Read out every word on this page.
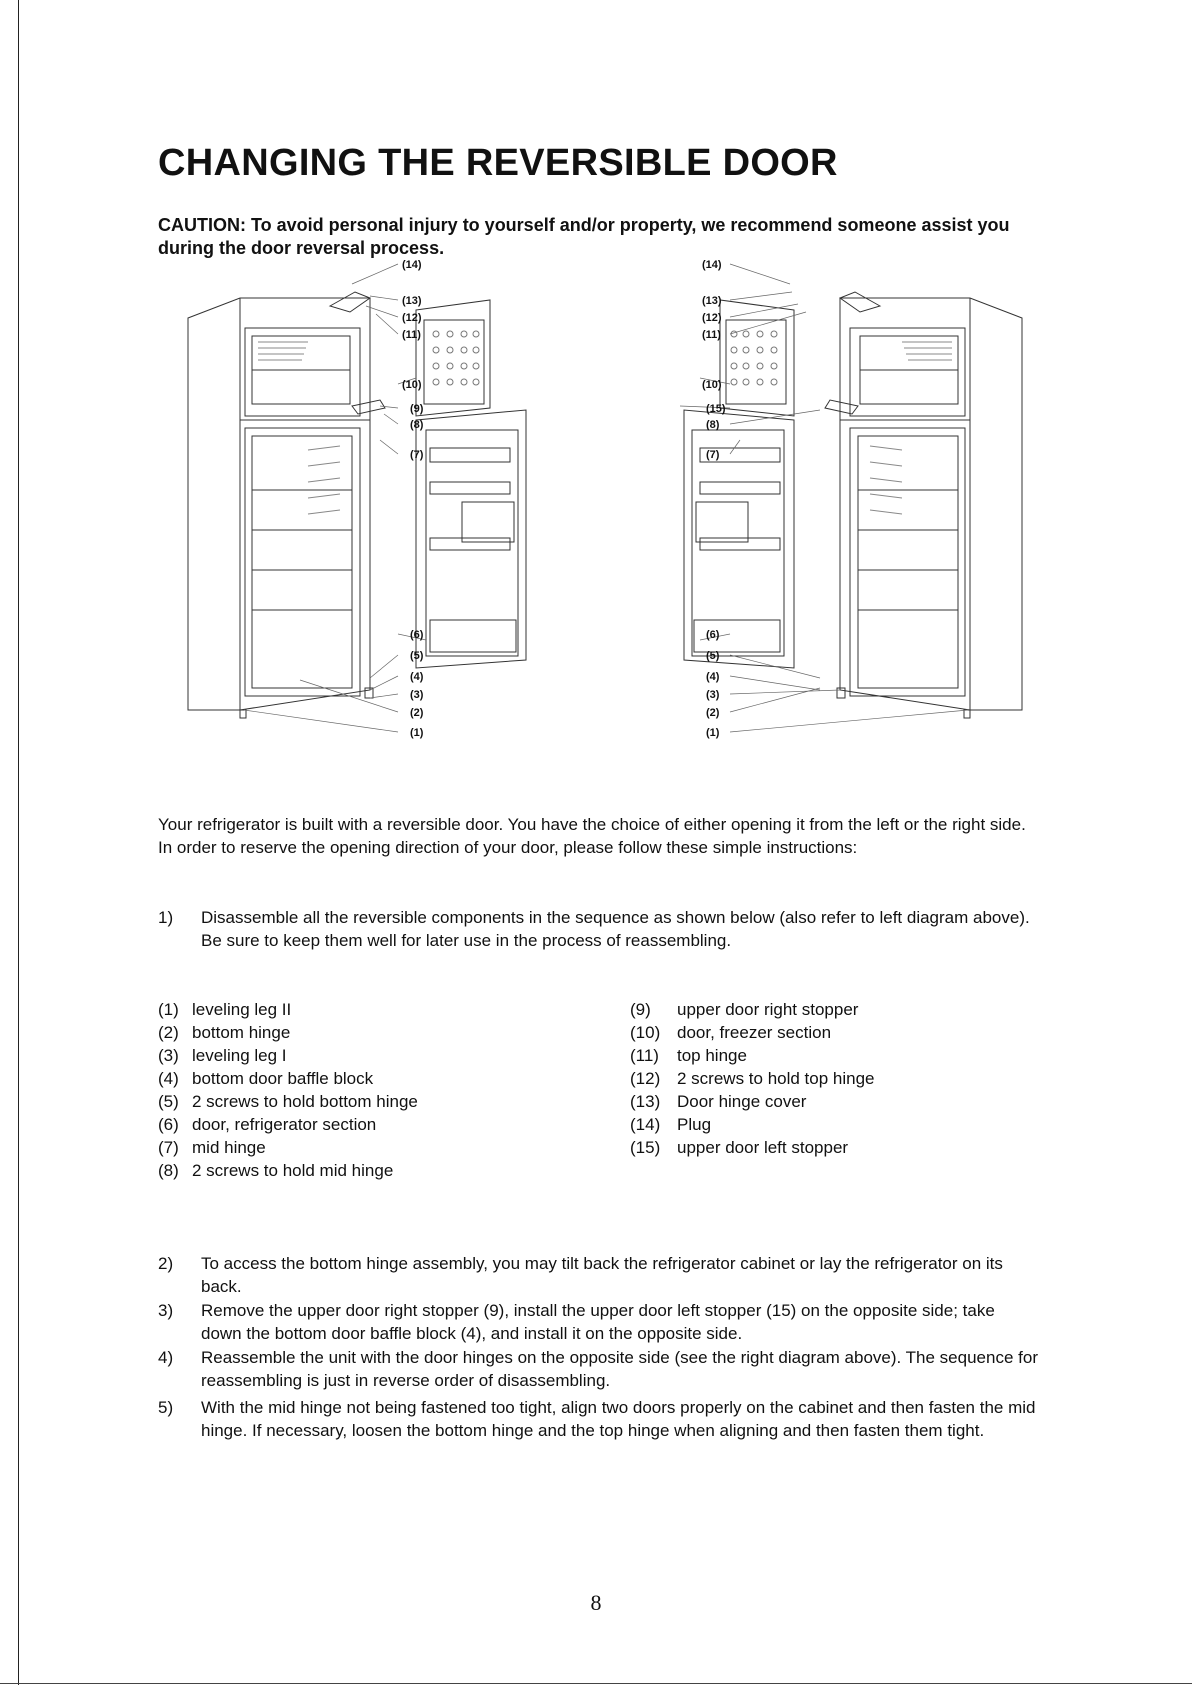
CHANGING THE REVERSIBLE DOOR

CAUTION: To avoid personal injury to yourself and/or property, we recommend someone assist you during the door reversal process.

(14)
(13)
(12)
(11)
(10)
(9)
(8)
(7)
(6)
(5)
(4)
(3)
(2)
(1)
(14)
(13)
(12)
(11)
(10)
(15)
(8)
(7)
(6)
(5)
(4)
(3)
(2)
(1)

Your refrigerator is built with a reversible door. You have the choice of either opening it from the left or the right side. In order to reserve the opening direction of your door, please follow these simple instructions:

1) Disassemble all the reversible components in the sequence as shown below (also refer to left diagram above). Be sure to keep them well for later use in the process of reassembling.
(1) leveling leg II
(2) bottom hinge
(3) leveling leg I
(4) bottom door baffle block
(5) 2 screws to hold bottom hinge
(6) door, refrigerator section
(7) mid hinge
(8) 2 screws to hold mid hinge
(9) upper door right stopper
(10) door, freezer section
(11) top hinge
(12) 2 screws to hold top hinge
(13) Door hinge cover
(14) Plug
(15) upper door left stopper
2) To access the bottom hinge assembly, you may tilt back the refrigerator cabinet or lay the refrigerator on its back.
3) Remove the upper door right stopper (9), install the upper door left stopper (15) on the opposite side; take down the bottom door baffle block (4), and install it on the opposite side.
4) Reassemble the unit with the door hinges on the opposite side (see the right diagram above). The sequence for reassembling is just in reverse order of disassembling.
5) With the mid hinge not being fastened too tight, align two doors properly on the cabinet and then fasten the mid hinge. If necessary, loosen the bottom hinge and the top hinge when aligning and then fasten them tight.
8
